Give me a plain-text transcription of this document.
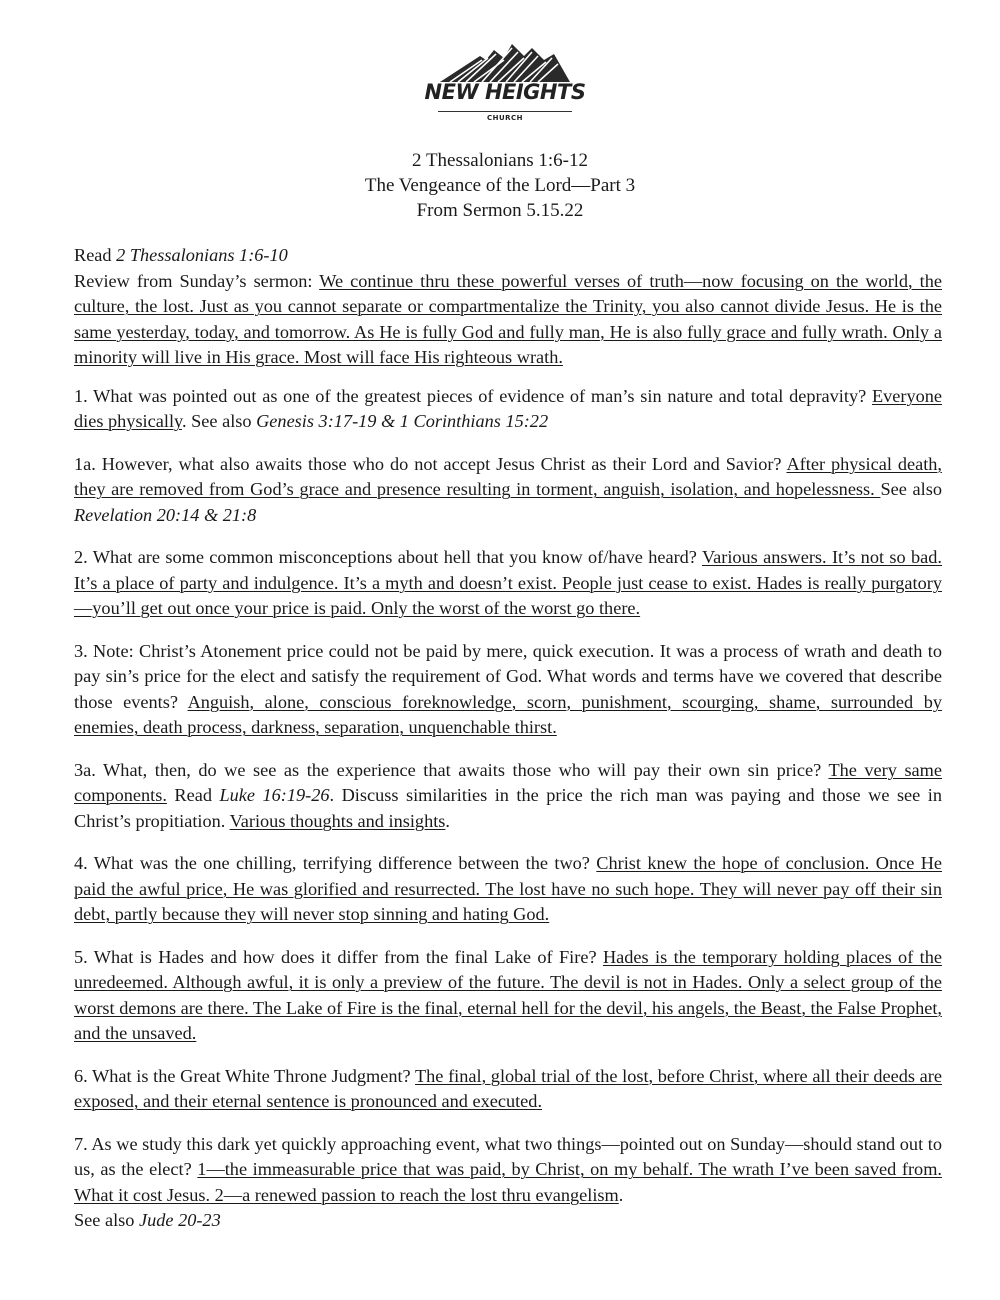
NEW HEIGHTS
CHURCH
2 Thessalonians 1:6-12
The Vengeance of the Lord—Part 3
From Sermon 5.15.22

Read 2 Thessalonians 1:6-10
Review from Sunday’s sermon: We continue thru these powerful verses of truth—now focusing on the world, the culture, the lost. Just as you cannot separate or compartmentalize the Trinity, you also cannot divide Jesus. He is the same yesterday, today, and tomorrow. As He is fully God and fully man, He is also fully grace and fully wrath. Only a minority will live in His grace. Most will face His righteous wrath.

1. What was pointed out as one of the greatest pieces of evidence of man’s sin nature and total depravity? Everyone dies physically. See also Genesis 3:17-19 & 1 Corinthians 15:22

1a. However, what also awaits those who do not accept Jesus Christ as their Lord and Savior? After physical death, they are removed from God’s grace and presence resulting in torment, anguish, isolation, and hopelessness. See also Revelation 20:14 & 21:8

2. What are some common misconceptions about hell that you know of/have heard? Various answers. It’s not so bad. It’s a place of party and indulgence. It’s a myth and doesn’t exist. People just cease to exist. Hades is really purgatory—you’ll get out once your price is paid. Only the worst of the worst go there.

3. Note: Christ’s Atonement price could not be paid by mere, quick execution. It was a process of wrath and death to pay sin’s price for the elect and satisfy the requirement of God. What words and terms have we covered that describe those events? Anguish, alone, conscious foreknowledge, scorn, punishment, scourging, shame, surrounded by enemies, death process, darkness, separation, unquenchable thirst.

3a. What, then, do we see as the experience that awaits those who will pay their own sin price? The very same components. Read Luke 16:19-26. Discuss similarities in the price the rich man was paying and those we see in Christ’s propitiation. Various thoughts and insights.

4. What was the one chilling, terrifying difference between the two? Christ knew the hope of conclusion. Once He paid the awful price, He was glorified and resurrected. The lost have no such hope. They will never pay off their sin debt, partly because they will never stop sinning and hating God.

5. What is Hades and how does it differ from the final Lake of Fire? Hades is the temporary holding places of the unredeemed. Although awful, it is only a preview of the future. The devil is not in Hades. Only a select group of the worst demons are there. The Lake of Fire is the final, eternal hell for the devil, his angels, the Beast, the False Prophet, and the unsaved.

6. What is the Great White Throne Judgment? The final, global trial of the lost, before Christ, where all their deeds are exposed, and their eternal sentence is pronounced and executed.

7. As we study this dark yet quickly approaching event, what two things—pointed out on Sunday—should stand out to us, as the elect? 1—the immeasurable price that was paid, by Christ, on my behalf. The wrath I’ve been saved from. What it cost Jesus. 2—a renewed passion to reach the lost thru evangelism.
See also Jude 20-23
